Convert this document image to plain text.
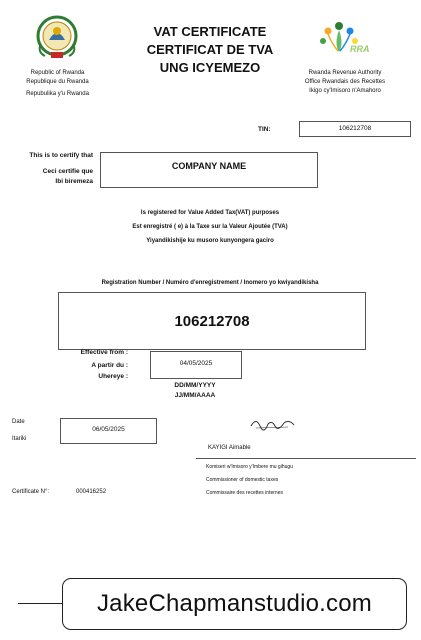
Republic of Rwanda
Republique du Rwanda
Repubulika y'u Rwanda
VAT CERTIFICATE
CERTIFICAT DE TVA
UNG ICYEMEZO
RRA
Rwanda Revenue Authority
Office Rwandais des Recettes
Ikigo cy'Imisoro n'Amahoro
TIN:	106212708
This is to certify that
Ceci certifie que
Ibi biremeza
COMPANY NAME
Is registered for Value Added Tax(VAT) purposes
Est enregistré ( e) à la Taxe sur la Valeur Ajoutée (TVA)
Yiyandikishije ku musoro kunyongera gaciro
Registration Number / Numéro d'enregistrement / Inomero yo kwiyandikisha
106212708
Effective from :
A partir du :
Uhereye :
04/05/2025
DD/MM/YYYY
JJ/MM/AAAA
Date
Itariki
06/05/2025
KAYIGI Aimable
Komiseri w'Imisoro y'Imbere mu gihugu
Commissioner of domestic taxes
Commissaire des recettes internes
Certificate N°:	000416252
JakeChapmanstudio.com
